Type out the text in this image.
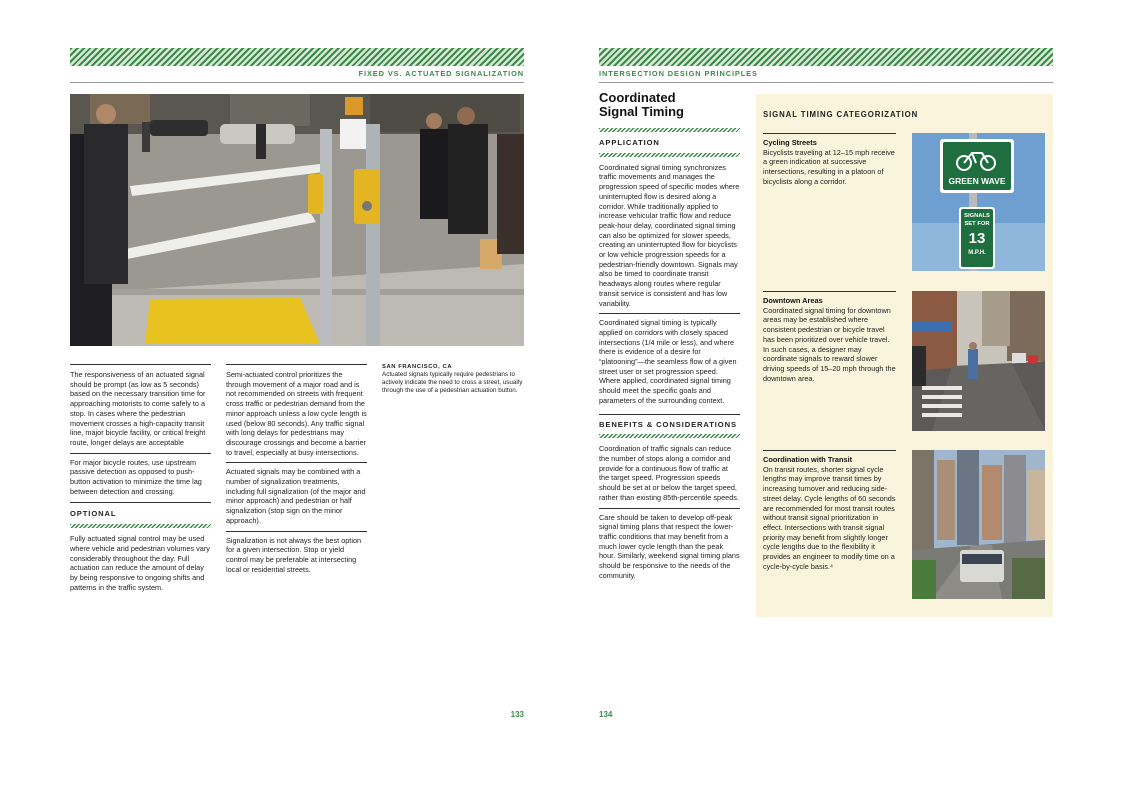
FIXED VS. ACTUATED SIGNALIZATION

The responsiveness of an actuated signal should be prompt (as low as 5 seconds) based on the necessary transition time for approaching motorists to come safely to a stop. In cases where the pedestrian movement crosses a high-capacity transit line, major bicycle facility, or critical freight route, longer delays are acceptable

For major bicycle routes, use upstream passive detection as opposed to push-button activation to minimize the time lag between detection and crossing.

OPTIONAL

Fully actuated signal control may be used where vehicle and pedestrian volumes vary considerably throughout the day. Full actuation can reduce the amount of delay by being responsive to ongoing shifts and patterns in the traffic system.

Semi-actuated control prioritizes the through movement of a major road and is not recommended on streets with frequent cross traffic or pedestrian demand from the minor approach unless a low cycle length is used (below 80 seconds). Any traffic signal with long delays for pedestrians may discourage crossings and become a barrier to travel, especially at busy intersections.

Actuated signals may be combined with a number of signalization treatments, including full signalization (of the major and minor approach) and pedestrian or half signalization (stop sign on the minor approach).

Signalization is not always the best option for a given intersection. Stop or yield control may be preferable at intersecting local or residential streets.

SAN FRANCISCO, CA
Actuated signals typically require pedestrians to actively indicate the need to cross a street, usually through the use of a pedestrian actuation button.
133
INTERSECTION DESIGN PRINCIPLES
Coordinated
Signal Timing
APPLICATION

Coordinated signal timing synchronizes traffic movements and manages the progression speed of specific modes where uninterrupted flow is desired along a corridor. While traditionally applied to increase vehicular traffic flow and reduce peak-hour delay, coordinated signal timing can also be optimized for slower speeds, creating an uninterrupted flow for bicyclists or low vehicle progression speeds for a pedestrian-friendly downtown. Signals may also be timed to coordinate transit headways along routes where regular transit service is consistent and has low variability.

Coordinated signal timing is typically applied on corridors with closely spaced intersections (1/4 mile or less), and where there is evidence of a desire for “platooning”—the seamless flow of a given street user or set progression speed. Where applied, coordinated signal timing should meet the specific goals and parameters of the surrounding context.

BENEFITS & CONSIDERATIONS

Coordination of traffic signals can reduce the number of stops along a corridor and provide for a continuous flow of traffic at the target speed. Progression speeds should be set at or below the target speed, rather than existing 85th-percentile speeds.

Care should be taken to develop off-peak signal timing plans that respect the lower-traffic conditions that may benefit from a much lower cycle length than the peak hour. Similarly, weekend signal timing plans should be responsive to the needs of the community.

SIGNAL TIMING CATEGORIZATION
Cycling Streets
Bicyclists traveling at 12–15 mph receive a green indication at successive intersections, resulting in a platoon of bicyclists along a corridor.	GREEN WAVE
SIGNALS
SET FOR
13
M.P.H.
Downtown Areas
Coordinated signal timing for downtown areas may be established where consistent pedestrian or bicycle travel has been prioritized over vehicle travel. In such cases, a designer may coordinate signals to reward slower driving speeds of 15–20 mph through the downtown area.
Coordination with Transit
On transit routes, shorter signal cycle lengths may improve transit times by increasing turnover and reducing side-street delay. Cycle lengths of 60 seconds are recommended for most transit routes without transit signal prioritization in effect. Intersections with transit signal priority may benefit from slightly longer cycle lengths due to the flexibility it provides an engineer to modify time on a cycle-by-cycle basis.⁴
134
